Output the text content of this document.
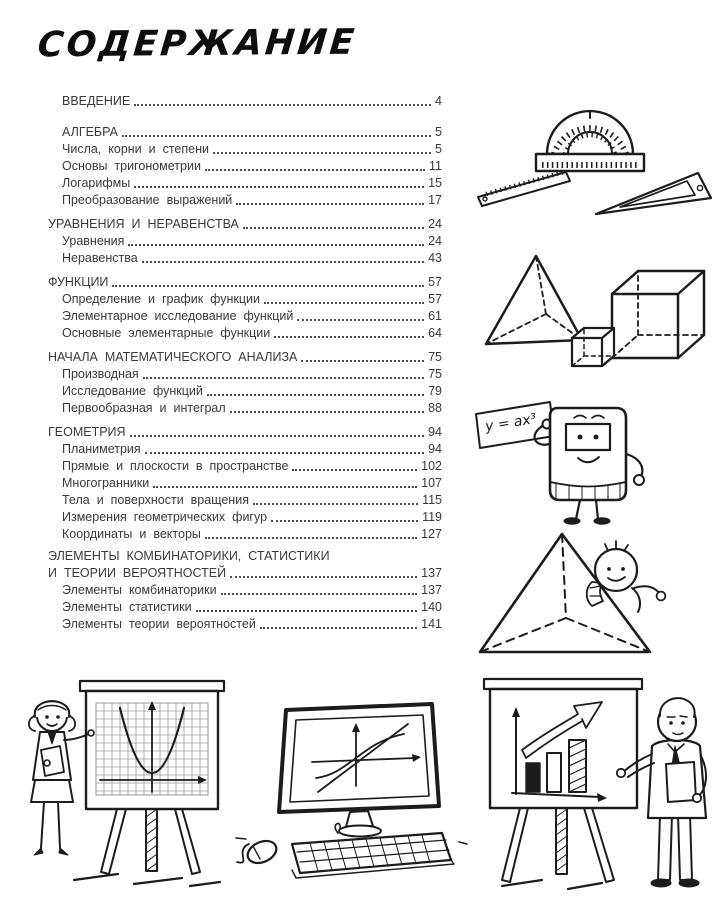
СОДЕРЖАНИЕ
ВВЕДЕНИЕ	4
АЛГЕБРА	5
Числа, корни и степени	5
Основы тригонометрии	11
Логарифмы	15
Преобразование выражений	17
УРАВНЕНИЯ И НЕРАВЕНСТВА	24
Уравнения	24
Неравенства	43
ФУНКЦИИ	57
Определение и график функции	57
Элементарное исследование функций	61
Основные элементарные функции	64
НАЧАЛА МАТЕМАТИЧЕСКОГО АНАЛИЗА	75
Производная	75
Исследование функций	79
Первообразная и интеграл	88
ГЕОМЕТРИЯ	94
Планиметрия	94
Прямые и плоскости в пространстве	102
Многогранники	107
Тела и поверхности вращения	115
Измерения геометрических фигур	119
Координаты и векторы	127
ЭЛЕМЕНТЫ КОМБИНАТОРИКИ, СТАТИСТИКИ
И ТЕОРИИ ВЕРОЯТНОСТЕЙ	137
Элементы комбинаторики	137
Элементы статистики	140
Элементы теории вероятностей	141
y = ax³
